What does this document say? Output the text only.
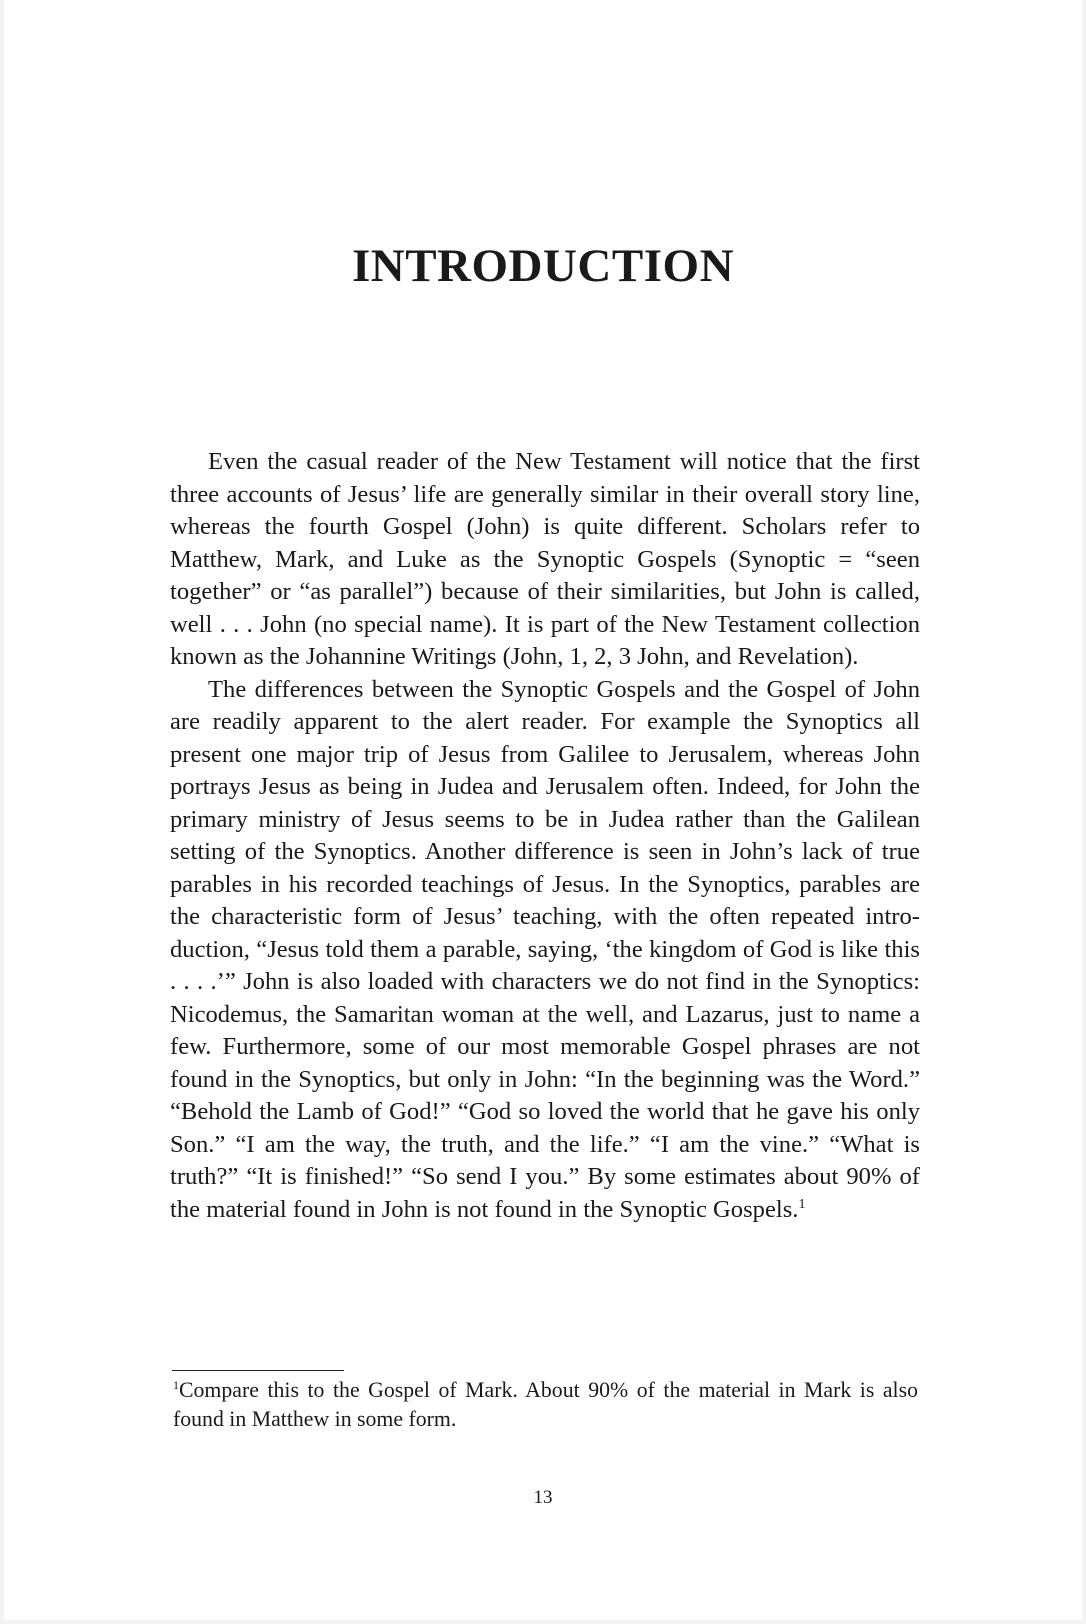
INTRODUCTION

Even the casual reader of the New Testament will notice that the first three accounts of Jesus’ life are generally similar in their overall story line, whereas the fourth Gospel (John) is quite different. Scholars refer to Matthew, Mark, and Luke as the Synoptic Gospels (Synoptic = “seen together” or “as parallel”) because of their similarities, but John is called, well . . . John (no special name). It is part of the New Testament collection known as the Johannine Writings (John, 1, 2, 3 John, and Revelation).

The differences between the Synoptic Gospels and the Gospel of John are readily apparent to the alert reader. For example the Synoptics all present one major trip of Jesus from Galilee to Jerusalem, whereas John portrays Jesus as being in Judea and Jerusalem often. Indeed, for John the primary ministry of Jesus seems to be in Judea rather than the Galilean setting of the Synoptics. Another difference is seen in John’s lack of true parables in his recorded teachings of Jesus. In the Synoptics, parables are the characteristic form of Jesus’ teaching, with the often repeated introduction, “Jesus told them a parable, saying, ‘the kingdom of God is like this . . . .’” John is also loaded with characters we do not find in the Synoptics: Nicodemus, the Samaritan woman at the well, and Lazarus, just to name a few. Furthermore, some of our most memorable Gospel phrases are not found in the Synoptics, but only in John: “In the beginning was the Word.” “Behold the Lamb of God!” “God so loved the world that he gave his only Son.” “I am the way, the truth, and the life.” “I am the vine.” “What is truth?” “It is finished!” “So send I you.” By some estimates about 90% of the material found in John is not found in the Synoptic Gospels.$^1$

$^1$Compare this to the Gospel of Mark. About 90% of the material in Mark is also found in Matthew in some form.

13
